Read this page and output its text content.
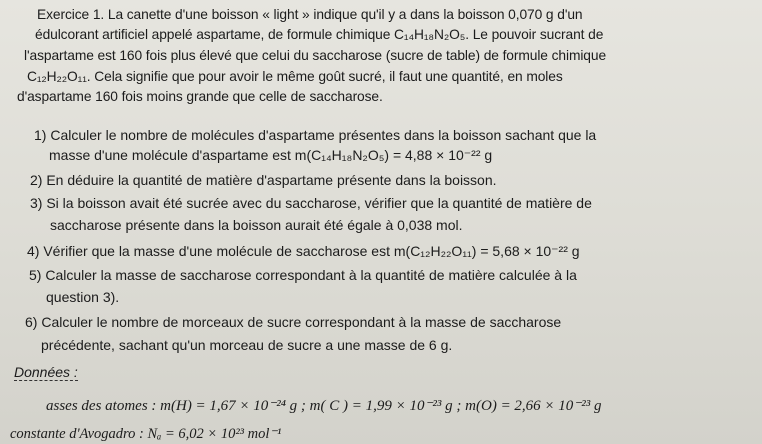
Exercice 1. La canette d'une boisson « light » indique qu'il y a dans la boisson 0,070 g d'un
édulcorant artificiel appelé aspartame, de formule chimique C₁₄H₁₈N₂O₅. Le pouvoir sucrant de
l'aspartame est 160 fois plus élevé que celui du saccharose (sucre de table) de formule chimique
C₁₂H₂₂O₁₁. Cela signifie que pour avoir le même goût sucré, il faut une quantité, en moles
d'aspartame 160 fois moins grande que celle de saccharose.
1) Calculer le nombre de molécules d'aspartame présentes dans la boisson sachant que la
masse d'une molécule d'aspartame est m(C₁₄H₁₈N₂O₅) = 4,88 × 10⁻²² g
2) En déduire la quantité de matière d'aspartame présente dans la boisson.
3) Si la boisson avait été sucrée avec du saccharose, vérifier que la quantité de matière de
saccharose présente dans la boisson aurait été égale à 0,038 mol.
4) Vérifier que la masse d'une molécule de saccharose est m(C₁₂H₂₂O₁₁) = 5,68 × 10⁻²² g
5) Calculer la masse de saccharose correspondant à la quantité de matière calculée à la
question 3).
6) Calculer le nombre de morceaux de sucre correspondant à la masse de saccharose
précédente, sachant qu'un morceau de sucre a une masse de 6 g.
Données :
asses des atomes : m(H) = 1,67 × 10⁻²⁴ g ; m( C ) = 1,99 × 10⁻²³ g ; m(O) = 2,66 × 10⁻²³ g
constante d'Avogadro : Nₐ = 6,02 × 10²³ mol⁻¹
